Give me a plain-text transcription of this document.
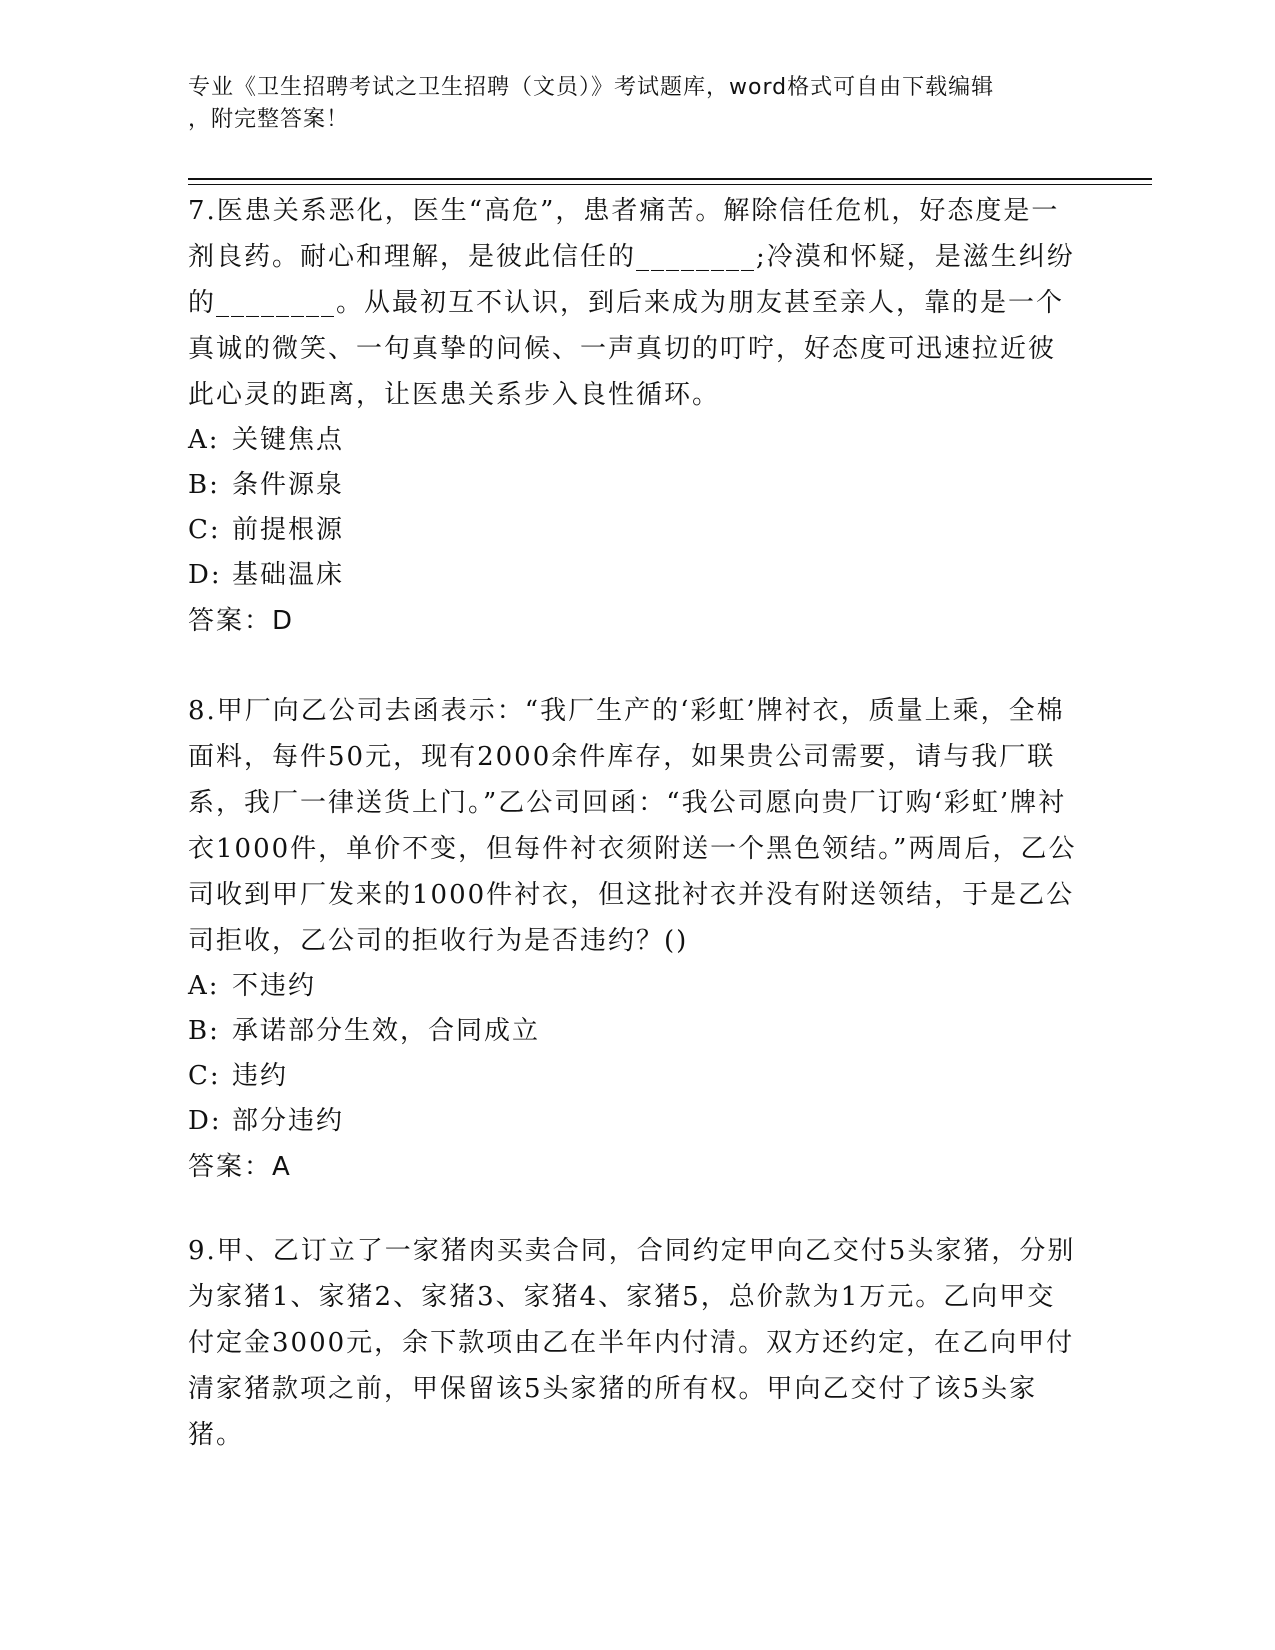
专业《卫生招聘考试之卫生招聘（文员）》考试题库，word格式可自由下载编辑
，附完整答案！
7.医患关系恶化，医生“高危”，患者痛苦。解除信任危机，好态度是一剂良药。耐心和理解，是彼此信任的________;冷漠和怀疑，是滋生纠纷的________。从最初互不认识，到后来成为朋友甚至亲人，靠的是一个真诚的微笑、一句真挚的问候、一声真切的叮咛，好态度可迅速拉近彼此心灵的距离，让医患关系步入良性循环。
A: 关键焦点
B: 条件源泉
C: 前提根源
D: 基础温床
答案：D
8.甲厂向乙公司去函表示：“我厂生产的‘彩虹’牌衬衣，质量上乘，全棉面料，每件50元，现有2000余件库存，如果贵公司需要，请与我厂联系，我厂一律送货上门。”乙公司回函：“我公司愿向贵厂订购‘彩虹’牌衬衣1000件，单价不变，但每件衬衣须附送一个黑色领结。”两周后，乙公司收到甲厂发来的1000件衬衣，但这批衬衣并没有附送领结，于是乙公司拒收，乙公司的拒收行为是否违约？()
A: 不违约
B: 承诺部分生效，合同成立
C: 违约
D: 部分违约
答案：A
9.甲、乙订立了一家猪肉买卖合同，合同约定甲向乙交付5头家猪，分别为家猪1、家猪2、家猪3、家猪4、家猪5，总价款为1万元。乙向甲交付定金3000元，余下款项由乙在半年内付清。双方还约定，在乙向甲付清家猪款项之前，甲保留该5头家猪的所有权。甲向乙交付了该5头家猪。
